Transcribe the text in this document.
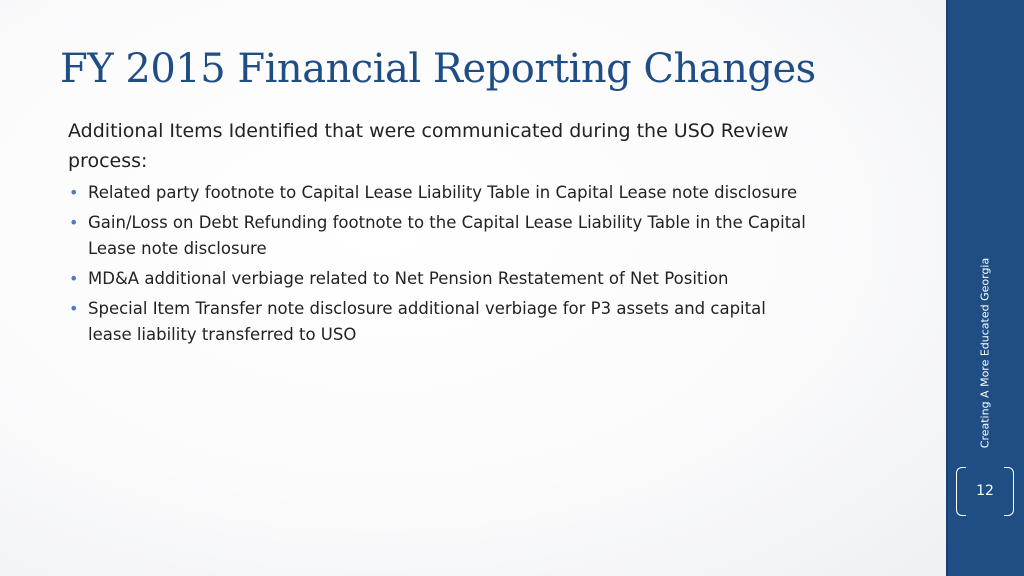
FY 2015 Financial Reporting Changes

Additional Items Identified that were communicated during the USO Review process:

• Related party footnote to Capital Lease Liability Table in Capital Lease note disclosure
• Gain/Loss on Debt Refunding footnote to the Capital Lease Liability Table in the Capital Lease note disclosure
• MD&A additional verbiage related to Net Pension Restatement of Net Position
• Special Item Transfer note disclosure additional verbiage for P3 assets and capital lease liability transferred to USO	Creating A More Educated Georgia
12
